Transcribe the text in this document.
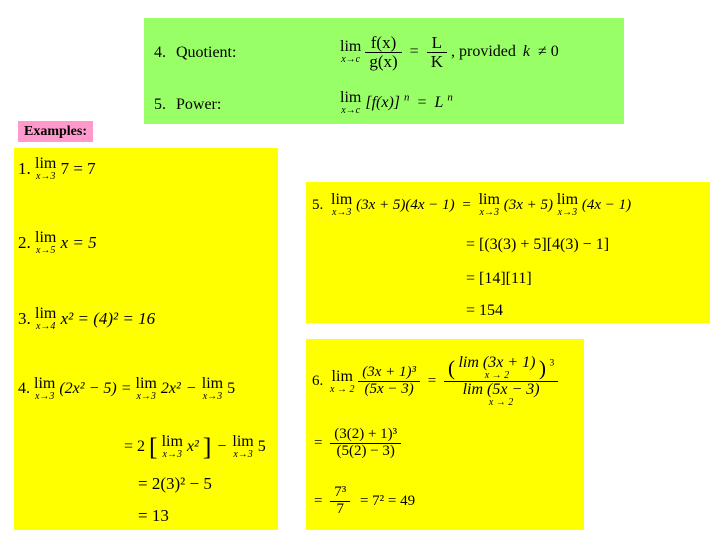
4. Quotient:	lim
x→c
$\frac{f(x)}{g(x)} = \frac{L}{K}$ , provided k ≠ 0
5. Power:	lim
x→c [f(x)] $^n$ = L $^n$
Examples:
1. lim
x→3 7 = 7
2. lim
x→5 x = 5
3. lim
x→4 x² = (4)² = 16
4. lim
x→3 (2x² − 5) = lim
x→3 2x² − lim
x→3 5
= 2 [ lim
x→3 x² ] − lim
x→3 5
= 2(3)² − 5
= 13
5. lim
x→3 (3x + 5)(4x − 1) = lim
x→3 (3x + 5) lim
x→3 (4x − 1)
= [(3(3) + 5][4(3) − 1]
= [14][11]
= 154
6. lim
x → 2
$\frac{\text{(3x + 1)³}}{(5x - 3)}$ =
( lim (3x + 1)
x → 2	) $^3$
lim (5x − 3)
x → 2
= $\frac{\text{(3(2) + 1)³}}{(5(2) - 3)}$
= $\frac{\text{7³}}{7} = 7^2 = 49$
